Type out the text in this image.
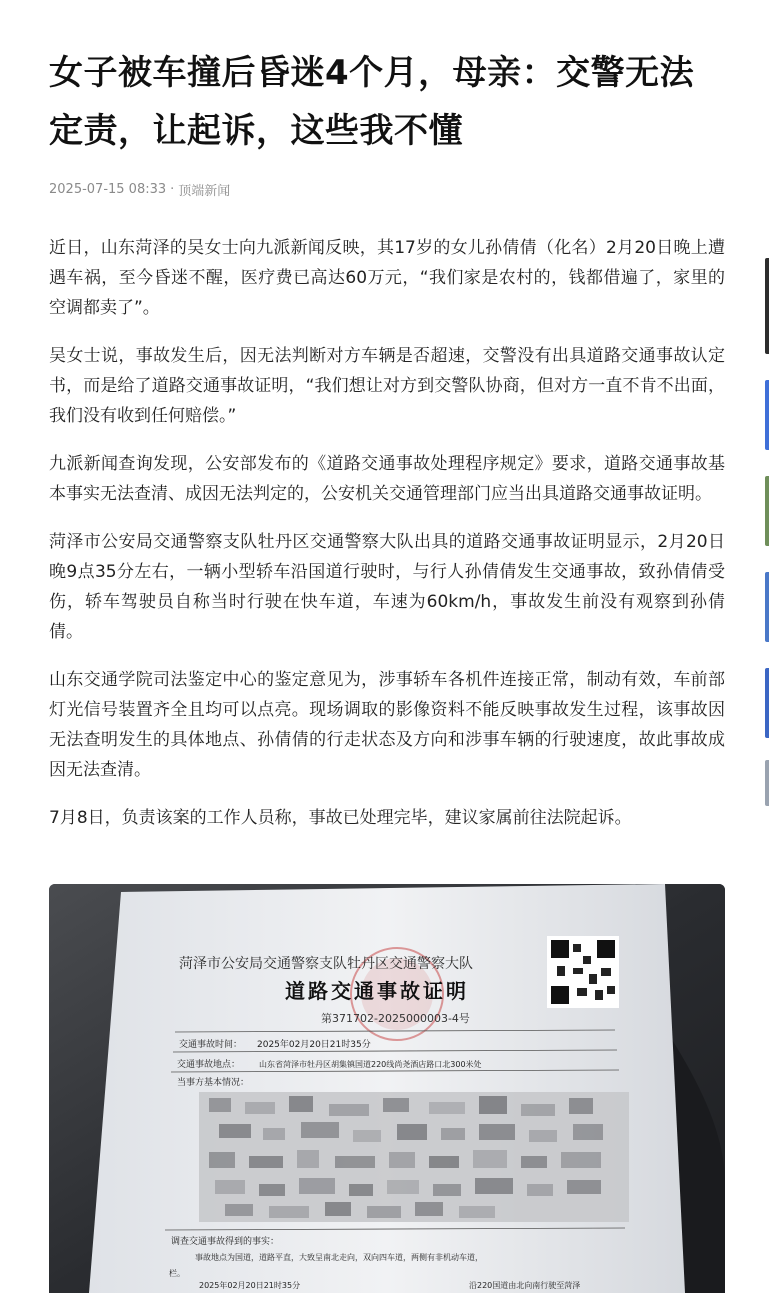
女子被车撞后昏迷4个月，母亲：交警无法定责，让起诉，这些我不懂
2025-07-15 08:33 · 顶端新闻

近日，山东菏泽的吴女士向九派新闻反映，其17岁的女儿孙倩倩（化名）2月20日晚上遭遇车祸，至今昏迷不醒，医疗费已高达60万元，“我们家是农村的，钱都借遍了，家里的空调都卖了”。

吴女士说，事故发生后，因无法判断对方车辆是否超速，交警没有出具道路交通事故认定书，而是给了道路交通事故证明，“我们想让对方到交警队协商，但对方一直不肯不出面，我们没有收到任何赔偿。”

九派新闻查询发现，公安部发布的《道路交通事故处理程序规定》要求，道路交通事故基本事实无法查清、成因无法判定的，公安机关交通管理部门应当出具道路交通事故证明。

菏泽市公安局交通警察支队牡丹区交通警察大队出具的道路交通事故证明显示，2月20日晚9点35分左右，一辆小型轿车沿国道行驶时，与行人孙倩倩发生交通事故，致孙倩倩受伤，轿车驾驶员自称当时行驶在快车道，车速为60km/h，事故发生前没有观察到孙倩倩。

山东交通学院司法鉴定中心的鉴定意见为，涉事轿车各机件连接正常，制动有效，车前部灯光信号装置齐全且均可以点亮。现场调取的影像资料不能反映事故发生过程，该事故因无法查明发生的具体地点、孙倩倩的行走状态及方向和涉事车辆的行驶速度，故此事故成因无法查清。

7月8日，负责该案的工作人员称，事故已处理完毕，建议家属前往法院起诉。

菏泽市公安局交通警察支队牡丹区交通警察大队
道路交通事故证明
第371702-2025000003-4号
交通事故时间： 2025年02月20日21时35分
交通事故地点： 山东省菏泽市牡丹区胡集镇国道220线尚尧酒店路口北300米处
当事方基本情况：
调查交通事故得到的事实：
事故地点为国道，道路平直，大致呈南北走向，双向四车道，两侧有非机动车道，
栏。
2025年02月20日21时35分	沿220国道由北向南行驶至菏泽
